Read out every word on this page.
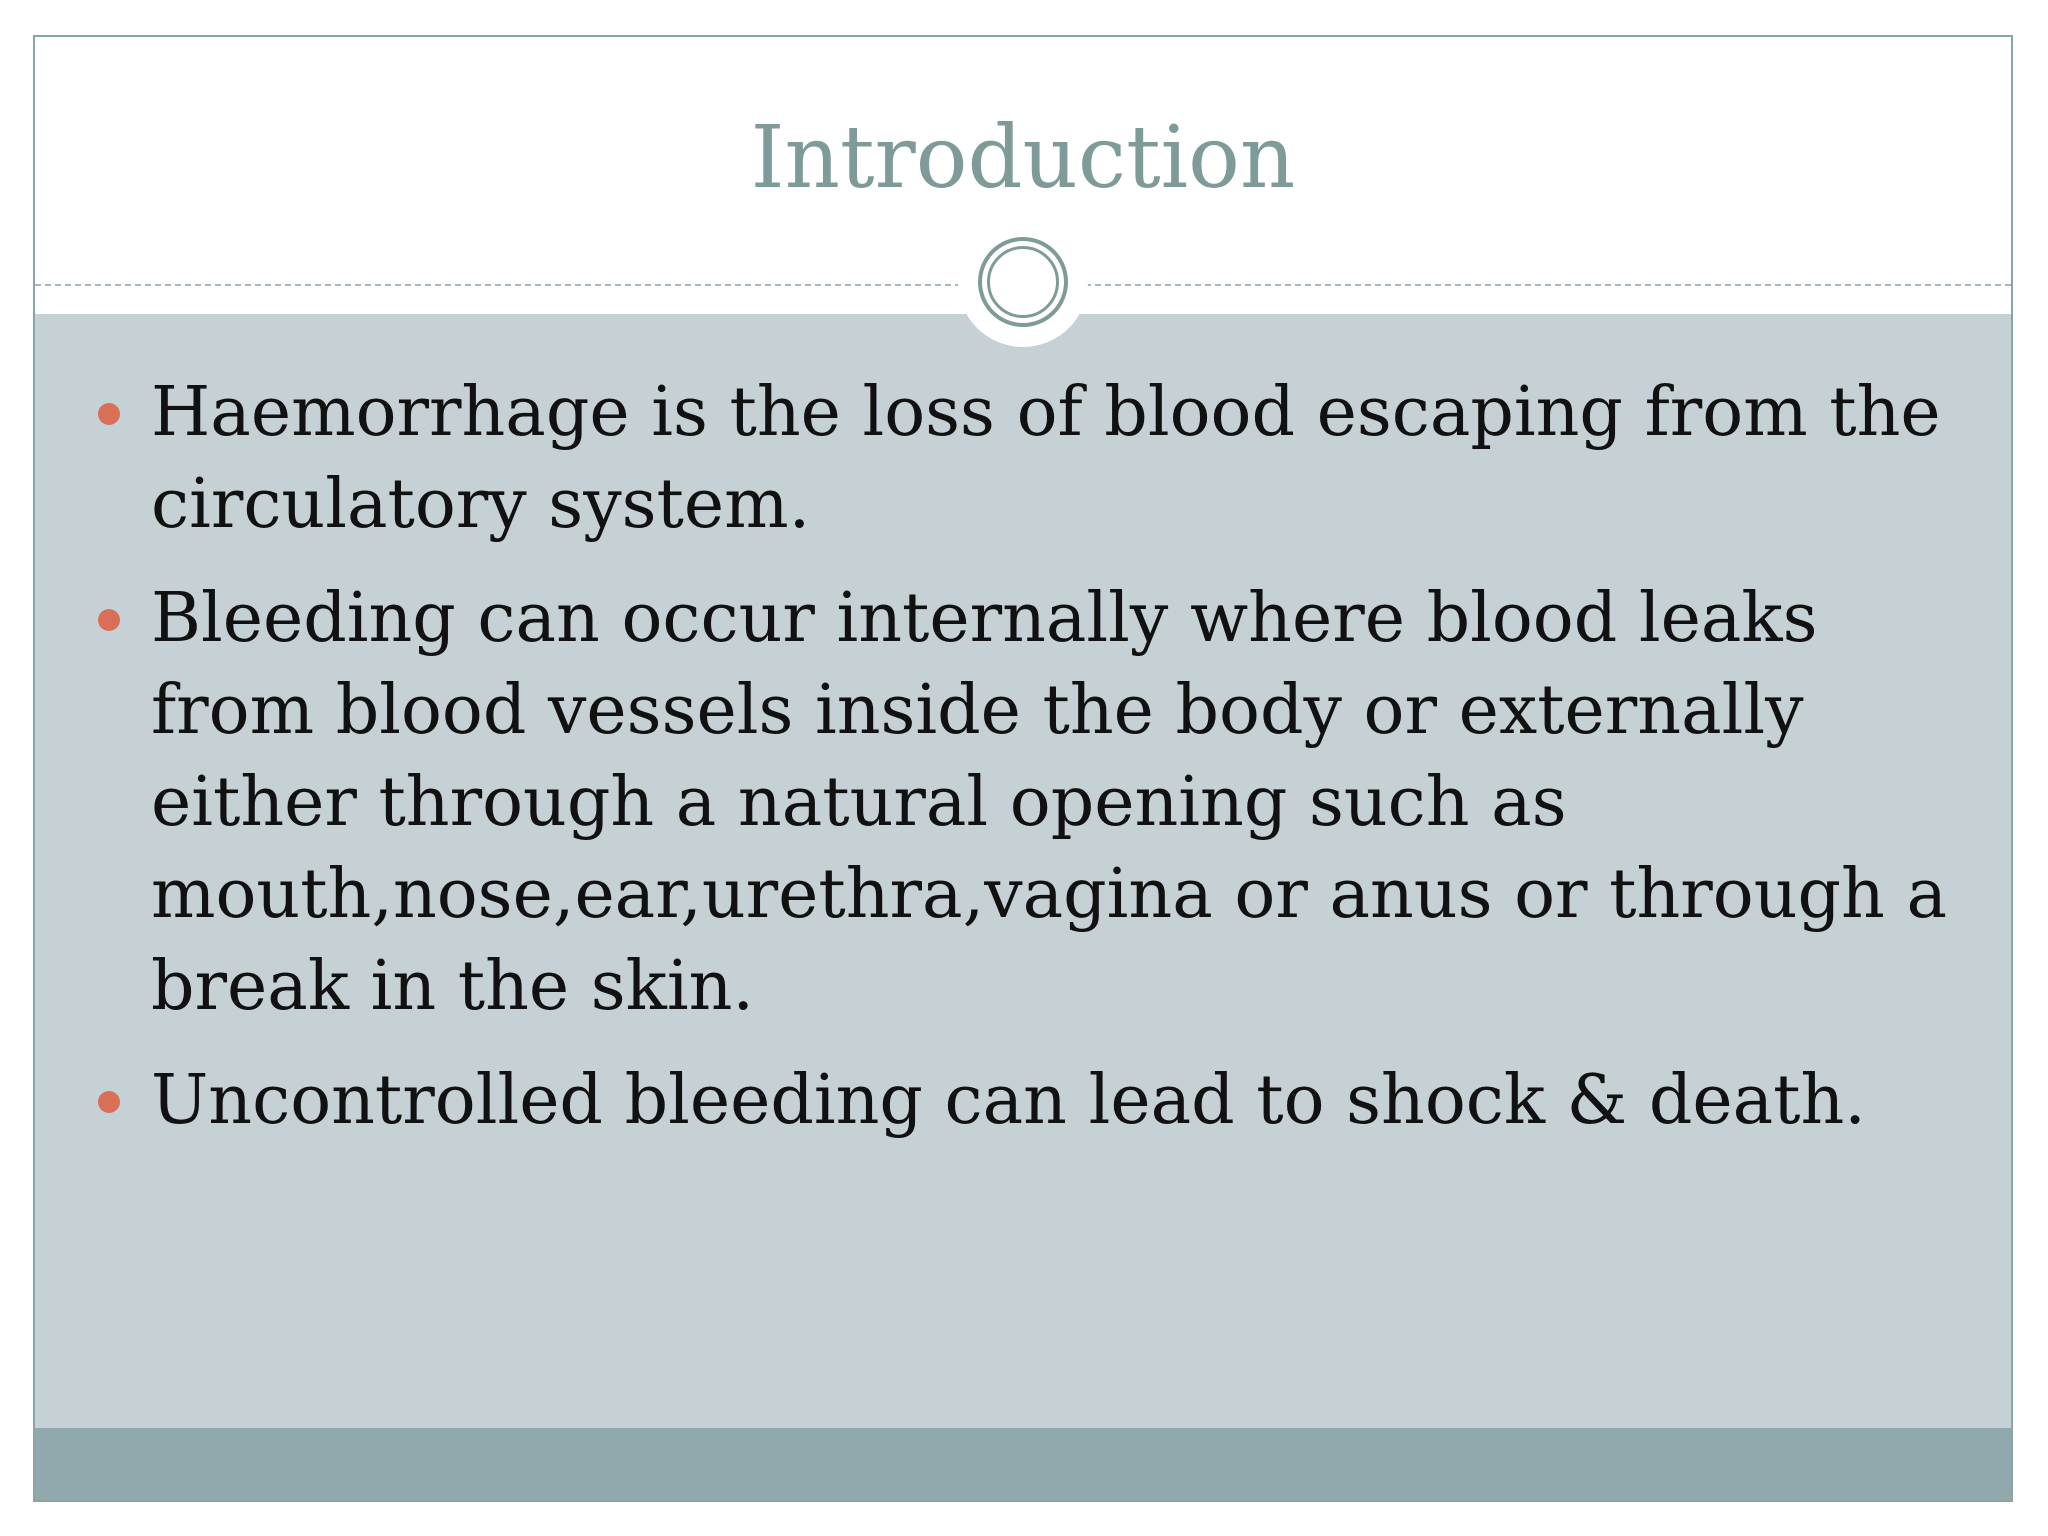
Introduction
Haemorrhage is the loss of blood escaping from the circulatory system.
Bleeding can occur internally where blood leaks from blood vessels inside the body or externally either through a natural opening such as mouth,nose,ear,urethra,vagina or anus or through a break in the skin.
Uncontrolled bleeding can lead to shock & death.
